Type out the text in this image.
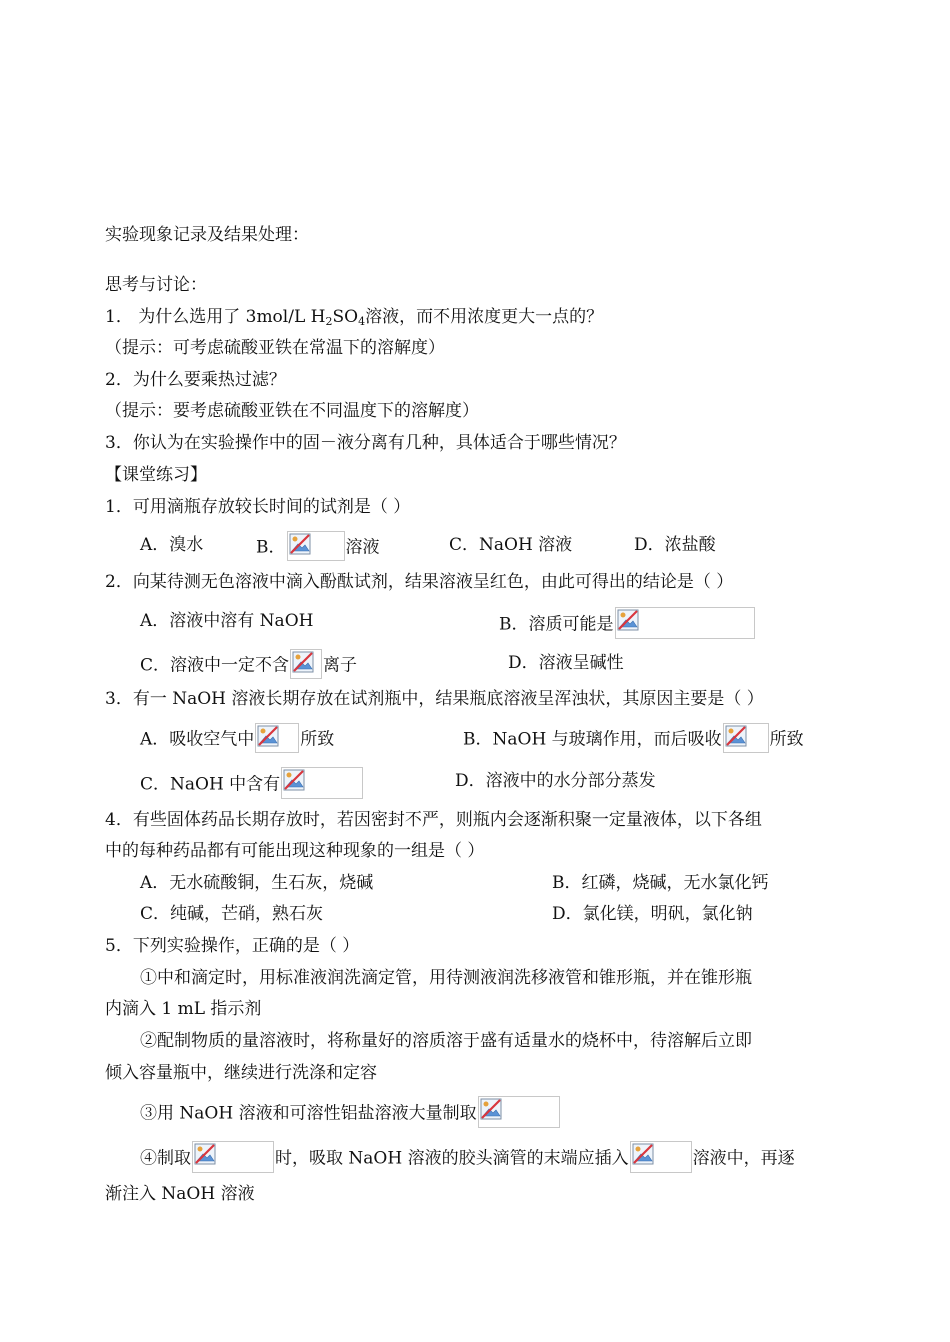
实验现象记录及结果处理：
思考与讨论：
1． 为什么选用了 3mol/L $H_2SO_4$溶液，而不用浓度更大一点的？
（提示：可考虑硫酸亚铁在常温下的溶解度）
2．为什么要乘热过滤？
（提示：要考虑硫酸亚铁在不同温度下的溶解度）
3．你认为在实验操作中的固－液分离有几种，具体适合于哪些情况？
【课堂练习】
1．可用滴瓶存放较长时间的试剂是（ ）
A．溴水	B．	溶液	C．NaOH 溶液	D．浓盐酸
2．向某待测无色溶液中滴入酚酞试剂，结果溶液呈红色，由此可得出的结论是（ ）
A．溶液中溶有 NaOH	B．溶质可能是
C．溶液中一定不含 离子	D．溶液呈碱性
3．有一 NaOH 溶液长期存放在试剂瓶中，结果瓶底溶液呈浑浊状，其原因主要是（ ）
A．吸收空气中	所致	B．NaOH 与玻璃作用，而后吸收	所致
C．NaOH 中含有	D．溶液中的水分部分蒸发
4．有些固体药品长期存放时，若因密封不严，则瓶内会逐渐积聚一定量液体，以下各组
中的每种药品都有可能出现这种现象的一组是（ ）
A．无水硫酸铜，生石灰，烧碱	B．红磷，烧碱，无水氯化钙
C．纯碱，芒硝，熟石灰	D．氯化镁，明矾，氯化钠
5．下列实验操作，正确的是（ ）
①中和滴定时，用标准液润洗滴定管，用待测液润洗移液管和锥形瓶，并在锥形瓶
内滴入 1 mL 指示剂
②配制物质的量溶液时，将称量好的溶质溶于盛有适量水的烧杯中，待溶解后立即
倾入容量瓶中，继续进行洗涤和定容
③用 NaOH 溶液和可溶性铝盐溶液大量制取
④制取	时，吸取 NaOH 溶液的胶头滴管的末端应插入	溶液中，再逐
渐注入 NaOH 溶液
